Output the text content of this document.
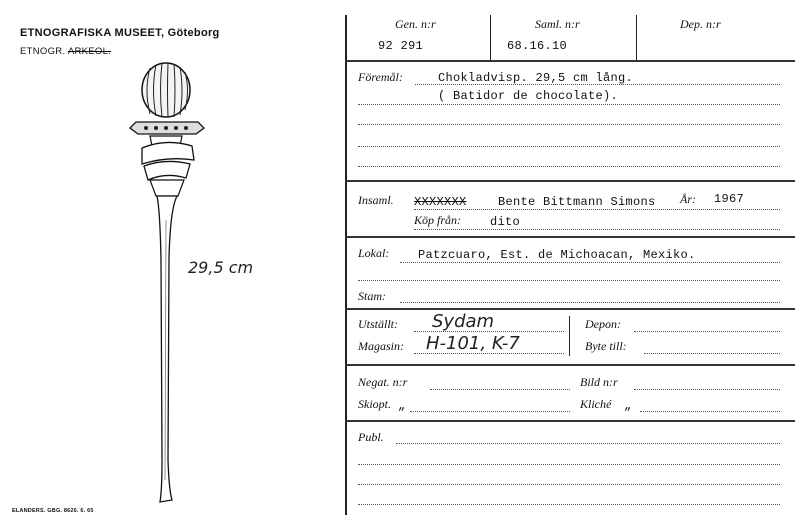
ETNOGRAFISKA MUSEET, Göteborg
ETNOGR. ARKEOL.
29,5 cm
ELANDERS. GBG. 8626. 6. 65
Gen. n:r	Saml. n:r	Dep. n:r
92 291	68.16.10
Föremål:	Chokladvisp. 29,5 cm lång.
( Batidor de chocolate).
Insaml. XXXXXXX	Bente Bittmann Simons År: 1967
Köp från: dito
Lokal: Patzcuaro, Est. de Michoacan, Mexiko.
Stam:
Utställt: Sydam	Depon:
Magasin: H-101, K-7	Byte till:
Negat. n:r	Bild n:r
Skiopt. „	Kliché „
Publ.
